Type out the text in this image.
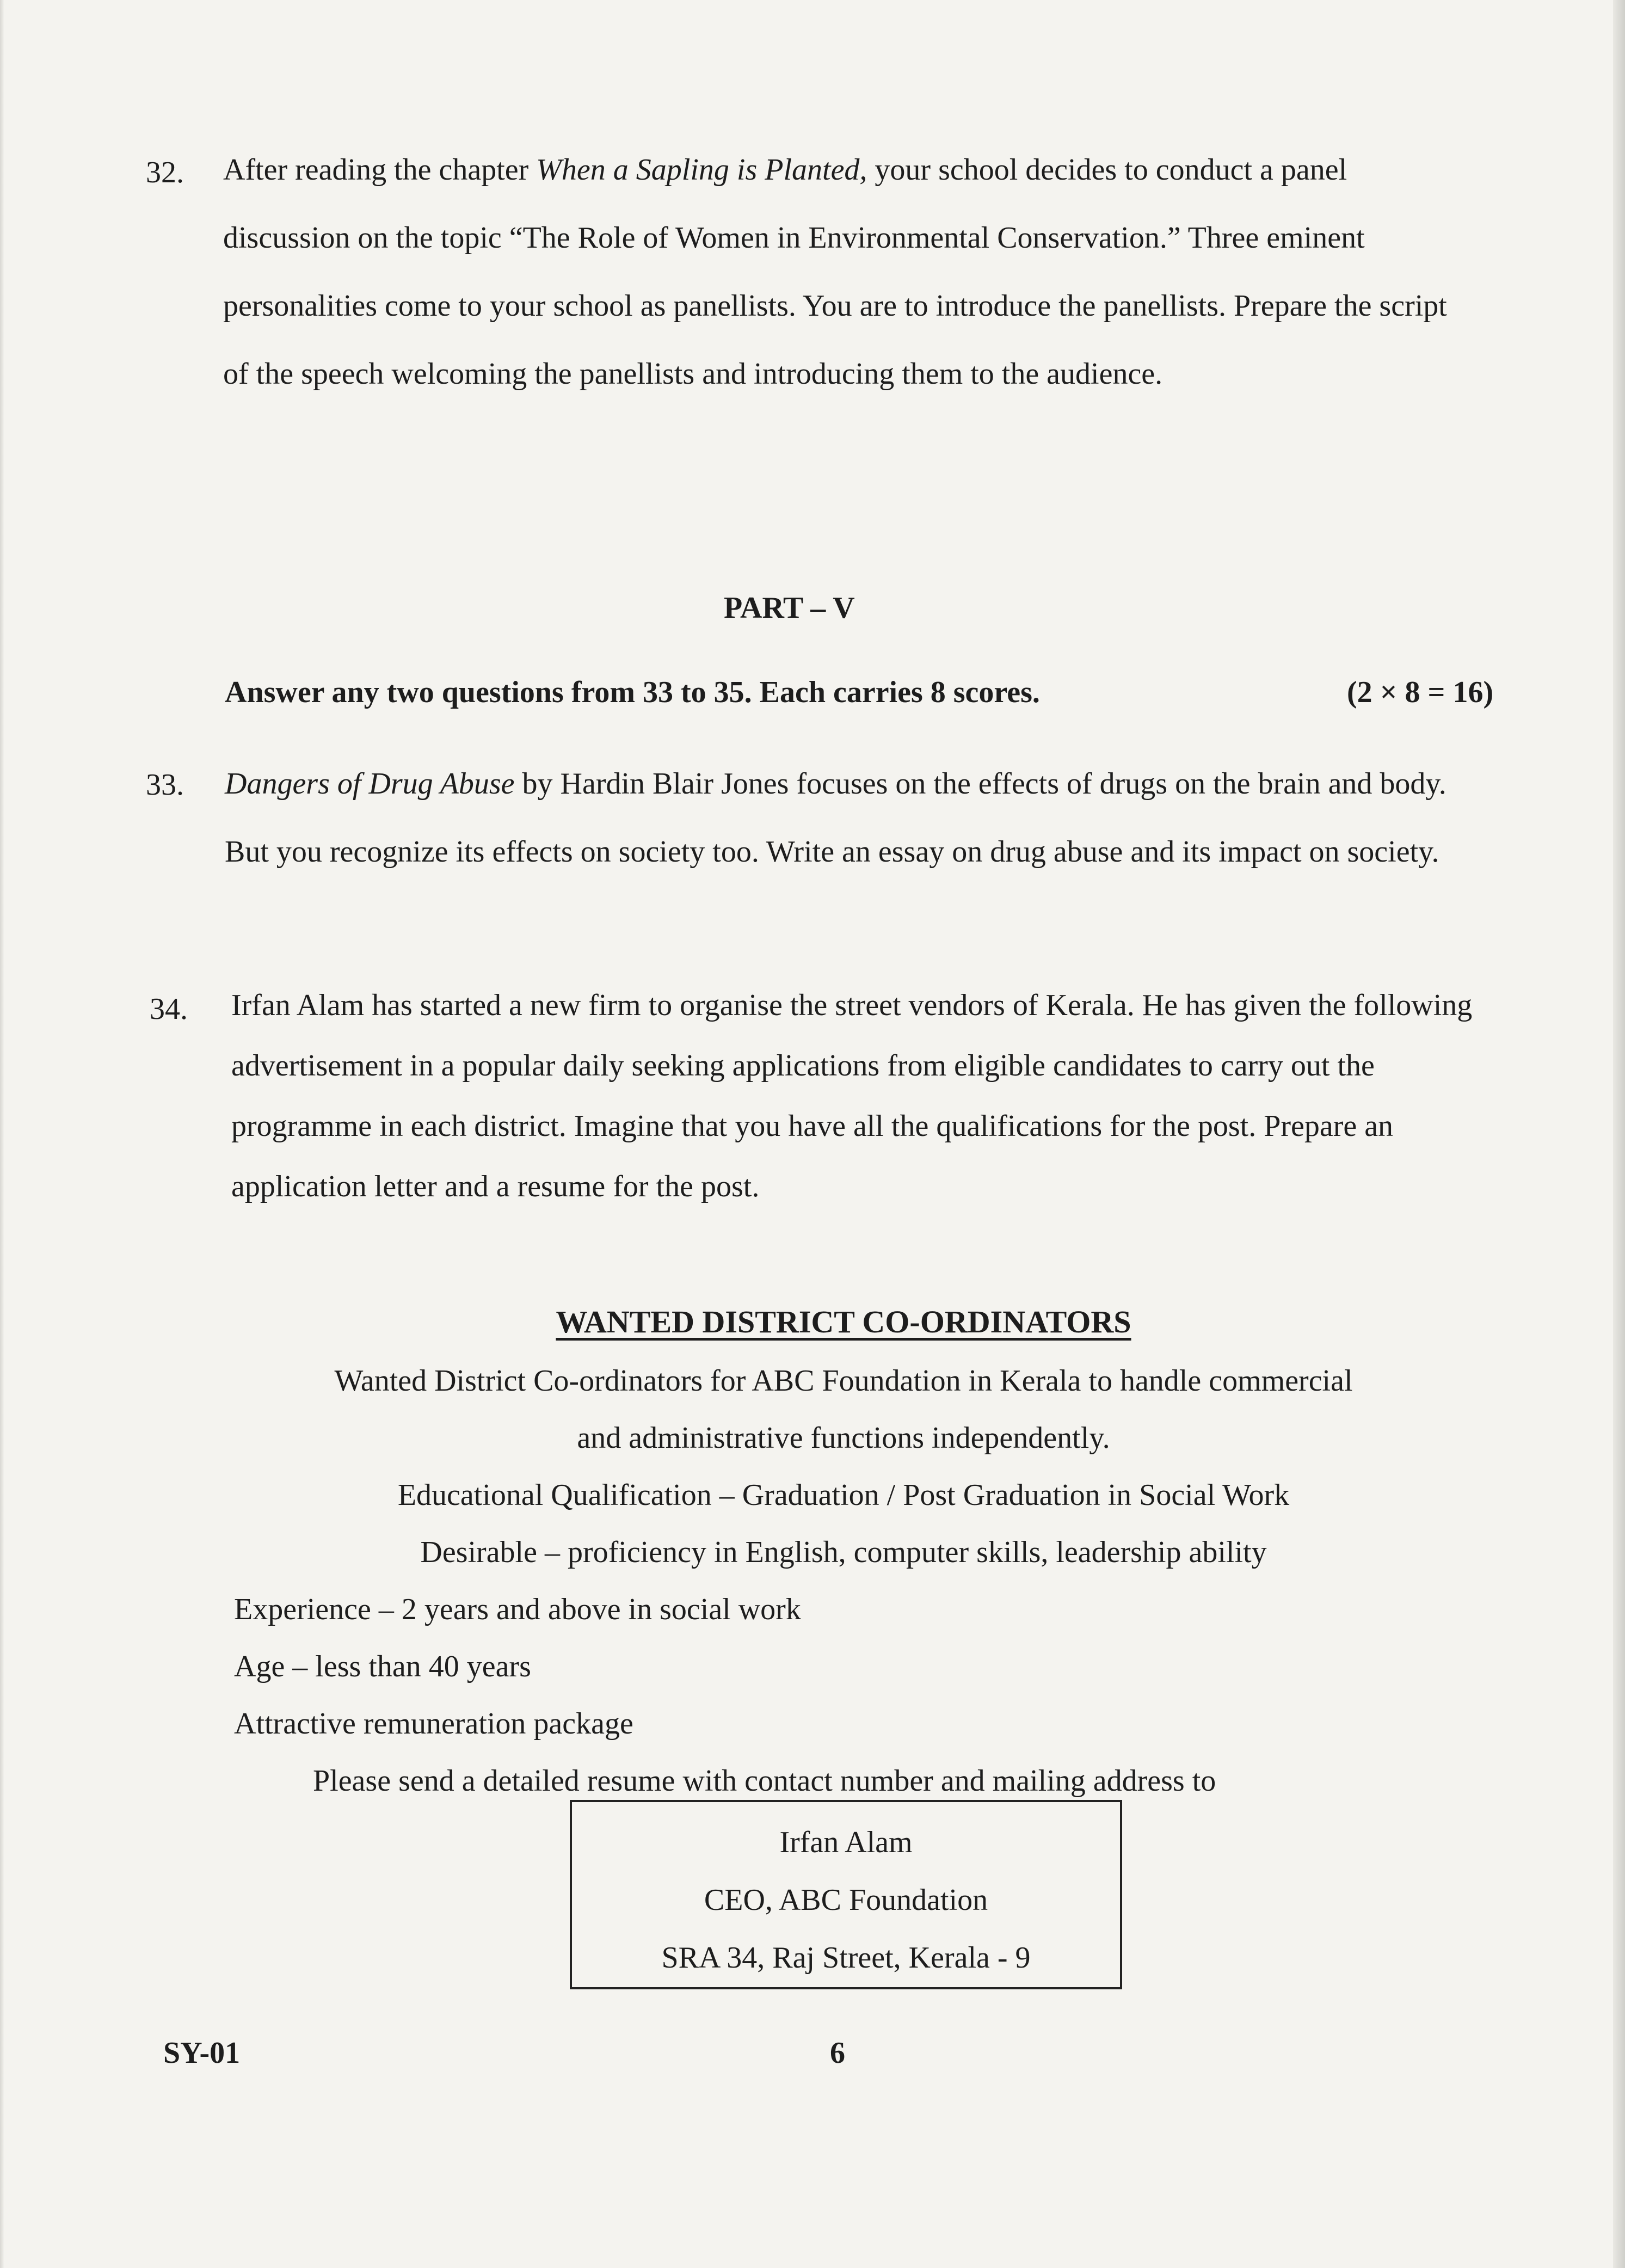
32. After reading the chapter When a Sapling is Planted, your school decides to conduct a panel discussion on the topic “The Role of Women in Environmental Conservation.” Three eminent personalities come to your school as panellists. You are to introduce the panellists. Prepare the script of the speech welcoming the panellists and introducing them to the audience.
PART – V
Answer any two questions from 33 to 35. Each carries 8 scores.	(2 × 8 = 16)
33. Dangers of Drug Abuse by Hardin Blair Jones focuses on the effects of drugs on the brain and body. But you recognize its effects on society too. Write an essay on drug abuse and its impact on society.
34. Irfan Alam has started a new firm to organise the street vendors of Kerala. He has given the following advertisement in a popular daily seeking applications from eligible candidates to carry out the programme in each district. Imagine that you have all the qualifications for the post. Prepare an application letter and a resume for the post.
WANTED DISTRICT CO-ORDINATORS
Wanted District Co-ordinators for ABC Foundation in Kerala to handle commercial
and administrative functions independently.
Educational Qualification – Graduation / Post Graduation in Social Work
Desirable – proficiency in English, computer skills, leadership ability
Experience – 2 years and above in social work
Age – less than 40 years
Attractive remuneration package
Please send a detailed resume with contact number and mailing address to
Irfan Alam
CEO, ABC Foundation
SRA 34, Raj Street, Kerala - 9
SY-01	6
